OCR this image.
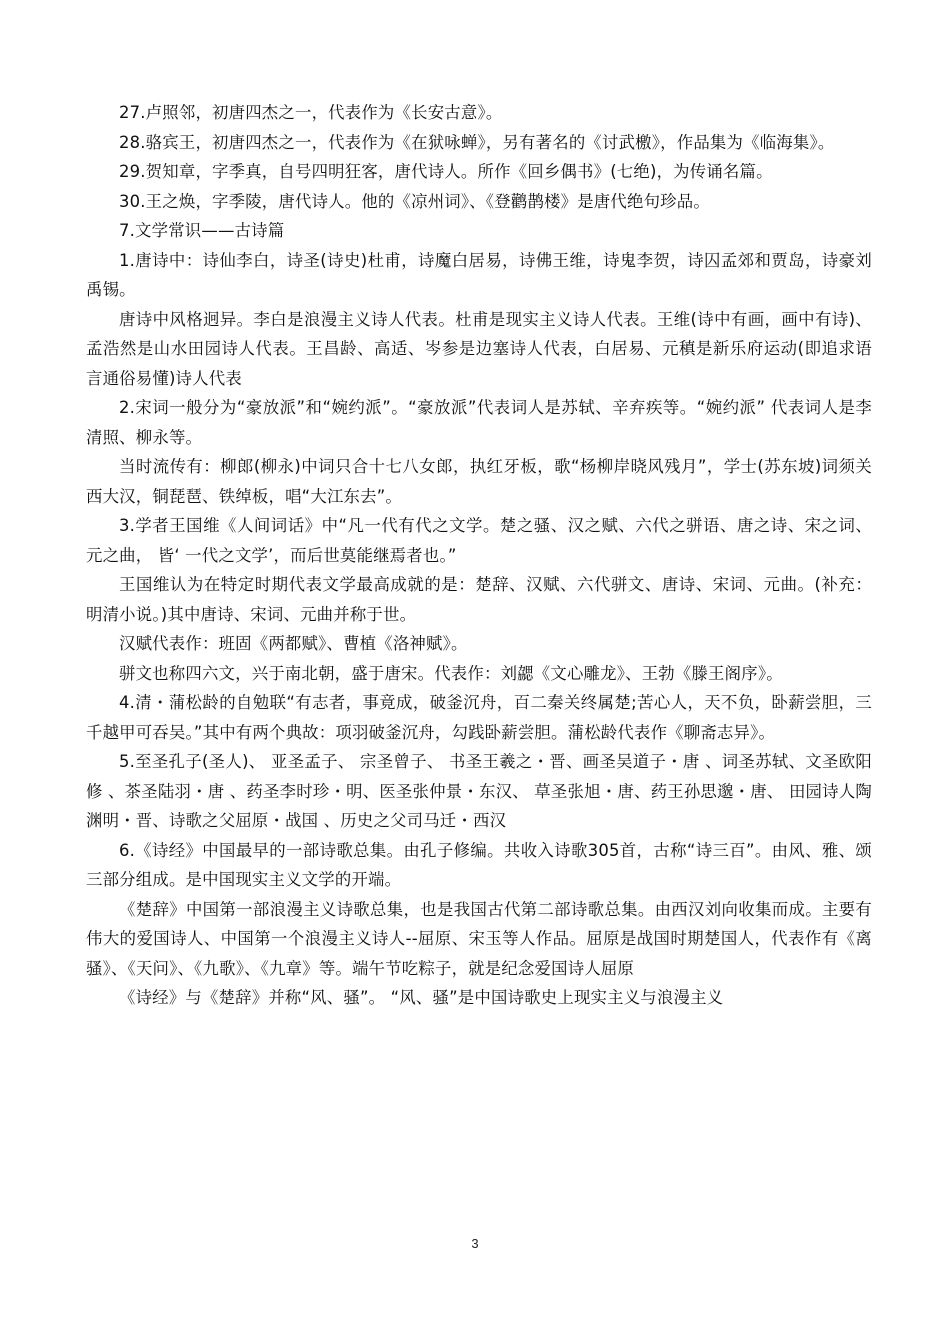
27.卢照邻，初唐四杰之一，代表作为《长安古意》。

28.骆宾王，初唐四杰之一，代表作为《在狱咏蝉》，另有著名的《讨武檄》，作品集为《临海集》。

29.贺知章，字季真，自号四明狂客，唐代诗人。所作《回乡偶书》(七绝)，为传诵名篇。

30.王之焕，字季陵，唐代诗人。他的《凉州词》、《登鹳鹊楼》是唐代绝句珍品。

7.文学常识——古诗篇

1.唐诗中：诗仙李白，诗圣(诗史)杜甫，诗魔白居易，诗佛王维，诗鬼李贺，诗囚孟郊和贾岛，诗豪刘禹锡。

唐诗中风格迥异。李白是浪漫主义诗人代表。杜甫是现实主义诗人代表。王维(诗中有画，画中有诗)、孟浩然是山水田园诗人代表。王昌龄、高适、岑参是边塞诗人代表，白居易、元稹是新乐府运动(即追求语言通俗易懂)诗人代表

2.宋词一般分为“豪放派”和“婉约派”。“豪放派”代表词人是苏轼、辛弃疾等。“婉约派” 代表词人是李清照、柳永等。

当时流传有：柳郎(柳永)中词只合十七八女郎，执红牙板，歌“杨柳岸晓风残月”，学士(苏东坡)词须关西大汉，铜琵琶、铁绰板，唱“大江东去”。

3.学者王国维《人间词话》中“凡一代有代之文学。楚之骚、汉之赋、六代之骈语、唐之诗、宋之词、元之曲， 皆‘ 一代之文学’，而后世莫能继焉者也。”

王国维认为在特定时期代表文学最高成就的是：楚辞、汉赋、六代骈文、唐诗、宋词、元曲。(补充：明清小说。)其中唐诗、宋词、元曲并称于世。

汉赋代表作：班固《两都赋》、曹植《洛神赋》。

骈文也称四六文，兴于南北朝，盛于唐宋。代表作：刘勰《文心雕龙》、王勃《滕王阁序》。

4.清・蒲松龄的自勉联“有志者，事竟成，破釜沉舟，百二秦关终属楚;苦心人，天不负，卧薪尝胆，三千越甲可吞吴。”其中有两个典故：项羽破釜沉舟，勾践卧薪尝胆。蒲松龄代表作《聊斋志异》。

5.至圣孔子(圣人)、 亚圣孟子、 宗圣曾子、 书圣王羲之・晋、画圣吴道子・唐 、词圣苏轼、文圣欧阳修 、茶圣陆羽・唐 、药圣李时珍・明、医圣张仲景・东汉、 草圣张旭・唐、药王孙思邈・唐、 田园诗人陶渊明・晋、诗歌之父屈原・战国 、历史之父司马迁・西汉

6.《诗经》中国最早的一部诗歌总集。由孔子修编。共收入诗歌305首，古称“诗三百”。由风、雅、颂三部分组成。是中国现实主义文学的开端。

《楚辞》中国第一部浪漫主义诗歌总集，也是我国古代第二部诗歌总集。由西汉刘向收集而成。主要有伟大的爱国诗人、中国第一个浪漫主义诗人--屈原、宋玉等人作品。屈原是战国时期楚国人，代表作有《离骚》、《天问》、《九歌》、《九章》等。端午节吃粽子，就是纪念爱国诗人屈原

《诗经》与《楚辞》并称“风、骚”。 “风、骚”是中国诗歌史上现实主义与浪漫主义

3
